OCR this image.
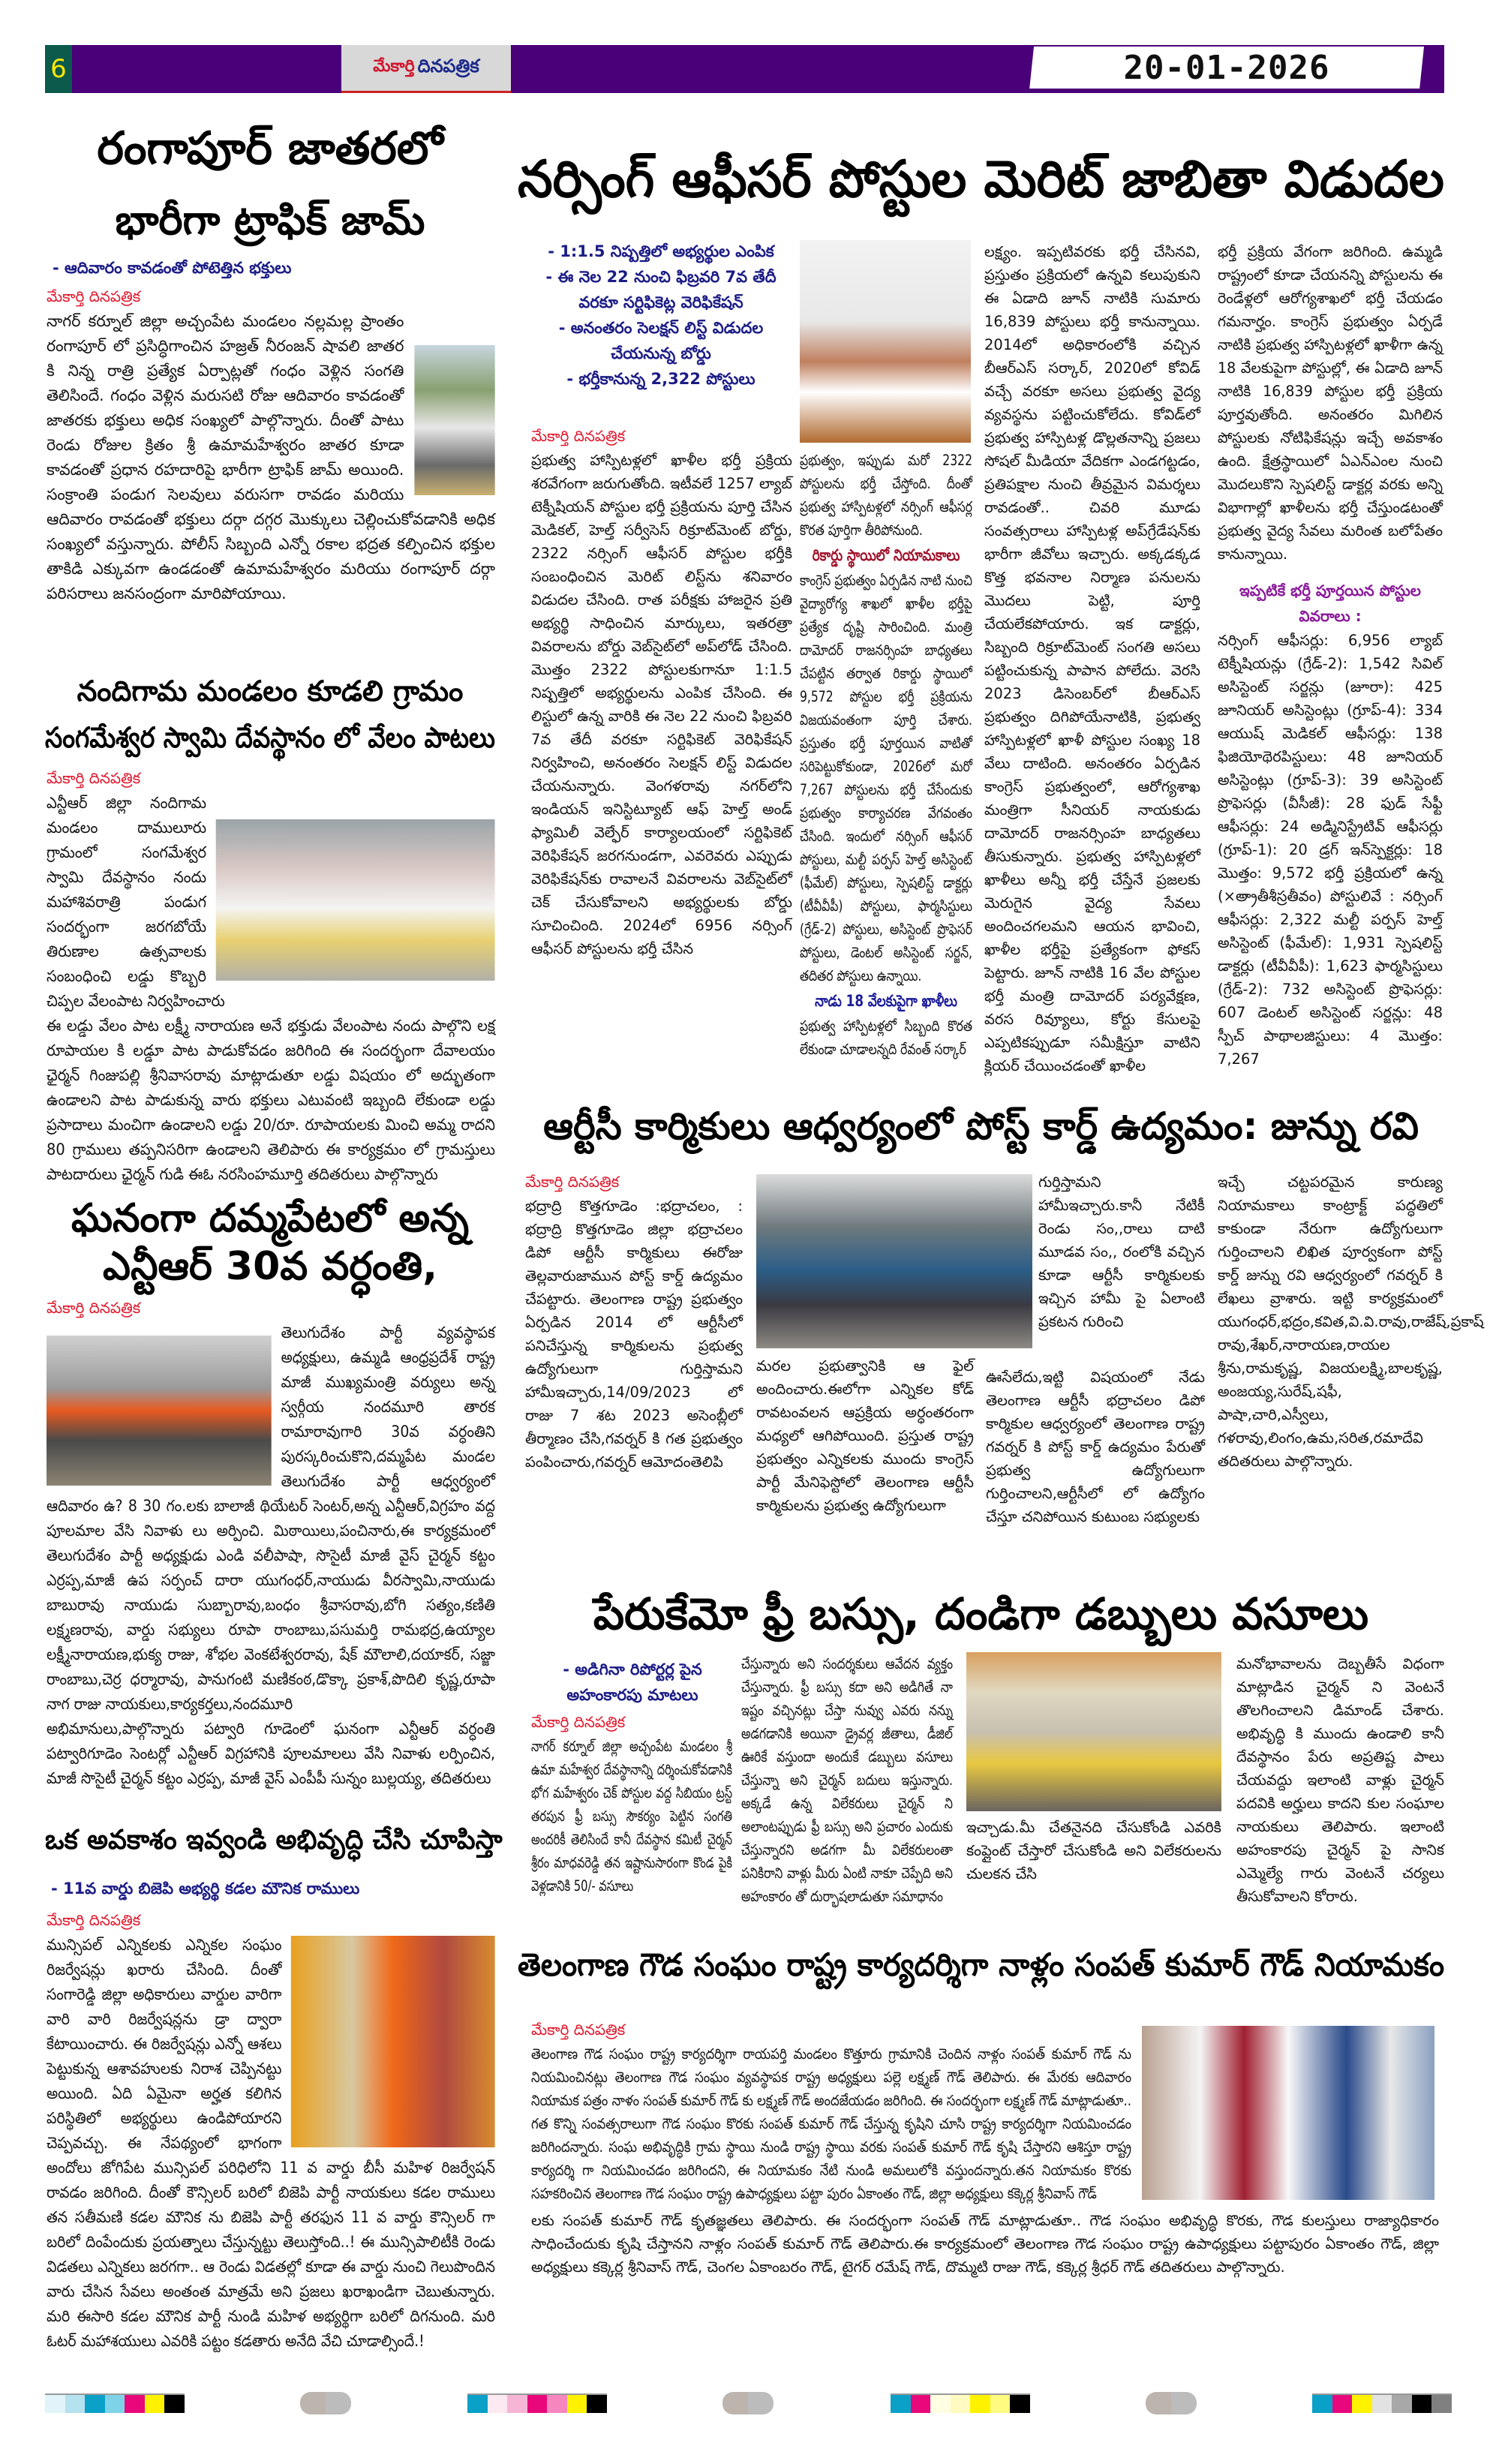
6	మేకార్తి దినపత్రిక	20-01-2026
రంగాపూర్ జాతరలో
భారీగా ట్రాఫిక్ జామ్
- ఆదివారం కావడంతో పోటెత్తిన భక్తులు
మేకార్తి దినపత్రిక

నాగర్ కర్నూల్ జిల్లా అచ్చంపేట మండలం నల్లమల్ల ప్రాంతం రంగాపూర్ లో ప్రసిద్ధిగాంచిన హజ్రత్ నీరంజన్ షావలి జాతర కి నిన్న రాత్రి ప్రత్యేక ఏర్పాట్లతో గంధం వెళ్లిన సంగతి తెలిసిందే. గంధం వెళ్లిన మరుసటి రోజు ఆదివారం కావడంతో జాతరకు భక్తులు అధిక సంఖ్యలో పాల్గొన్నారు. దీంతో పాటు రెండు రోజుల క్రితం శ్రీ ఉమామహేశ్వరం జాతర కూడా కావడంతో ప్రధాన రహదారిపై భారీగా ట్రాఫిక్ జామ్ అయింది. సంక్రాంతి పండుగ సెలవులు వరుసగా రావడం మరియు ఆదివారం రావడంతో భక్తులు దర్గా దగ్గర మొక్కులు చెల్లించుకోవడానికి అధిక సంఖ్యలో వస్తున్నారు. పోలీస్ సిబ్బంది ఎన్నో రకాల భద్రత కల్పించిన భక్తుల తాకిడి ఎక్కువగా ఉండడంతో ఉమామహేశ్వరం మరియు రంగాపూర్ దర్గా పరిసరాలు జనసంద్రంగా మారిపోయాయి.

నందిగామ మండలం కూడలి గ్రామం
సంగమేశ్వర స్వామి దేవస్థానం లో వేలం పాటలు
మేకార్తి దినపత్రిక

ఎన్టీఆర్ జిల్లా నందిగామ మండలం దాములూరు గ్రామంలో సంగమేశ్వర స్వామి దేవస్థానం నందు మహాశివరాత్రి పండుగ సందర్భంగా జరగబోయే తిరుణాల ఉత్సవాలకు సంబంధించి లడ్డు కొబ్బరి చిప్పల వేలంపాట నిర్వహించారు

ఈ లడ్డు వేలం పాట లక్ష్మీ నారాయణ అనే భక్తుడు వేలంపాట నందు పాల్గొని లక్ష రూపాయల కి లడ్డూ పాట పాడుకోవడం జరిగింది ఈ సందర్భంగా దేవాలయం ఛైర్మన్ గింజుపల్లి శ్రీనివాసరావు మాట్లాడుతూ లడ్డు విషయం లో అద్భుతంగా ఉండాలని పాట పాడుకున్న వారు భక్తులు ఎటువంటి ఇబ్బంది లేకుండా లడ్డు ప్రసాదాలు మంచిగా ఉండాలని లడ్డు 20/రూ. రూపాయలకు మించి అమ్మ రాదని 80 గ్రాములు తప్పనిసరిగా ఉండాలని తెలిపారు ఈ కార్యక్రమం లో గ్రామస్తులు పాటదారులు ఛైర్మన్ గుడి ఈఓ నరసింహమూర్తి తదితరులు పాల్గొన్నారు

ఘనంగా దమ్మపేటలో అన్న
ఎన్టీఆర్ 30వ వర్ధంతి,
మేకార్తి దినపత్రిక

తెలుగుదేశం పార్టీ వ్యవస్థాపక అధ్యక్షులు, ఉమ్మడి ఆంధ్రప్రదేశ్ రాష్ట్ర మాజీ ముఖ్యమంత్రి వర్యులు అన్న స్వర్గీయ నందమూరి తారక రామారావుగారి 30వ వర్ధంతిని పురస్కరించుకొని,దమ్మపేట మండల తెలుగుదేశం పార్టీ ఆధ్వర్యంలో ఆదివారం ఉ? 8 30 గం.లకు బాలాజీ థియేటర్ సెంటర్,అన్న ఎన్టీఆర్,విగ్రహం వద్ద పూలమాల వేసి నివాళు లు అర్పించి. మిఠాయిలు,పంచినారు,ఈ కార్యక్రమంలో తెలుగుదేశం పార్టీ అధ్యక్షుడు ఎండి వలీపాషా, సొసైటీ మాజీ వైస్ చైర్మన్ కట్టం ఎర్రప్ప,మాజీ ఉప సర్పంచ్ దారా యుగంధర్,నాయుడు వీరస్వామి,నాయుడు బాబురావు నాయుడు సుబ్బారావు,బంధం శ్రీవాసరావు,బోగి సత్యం,కణితి లక్ష్మణరావు, వార్డు సభ్యులు రూపా రాంబాబు,పసుమర్తి రామభద్ర,ఉయ్యాల లక్ష్మీనారాయణ,భుక్య రాజు, శోభల వెంకటేశ్వరరావు, షేక్ మౌలాలి,దయాకర్, సజ్జా రాంబాబు,చెర్ర ధర్మారావు, పానుగంటి మణికంఠ,డొక్కా ప్రకాశ్,పొదిలి కృష్ణ,రూపా నాగ రాజు నాయకులు,కార్యకర్తలు,నందమూరి

అభిమానులు,పాల్గొన్నారు పట్వారి గూడెంలో ఘనంగా ఎన్టీఆర్ వర్ధంతి పట్వారిగూడెం సెంటర్లో ఎన్టీఆర్ విగ్రహానికి పూలమాలలు వేసి నివాళు లర్పించిన, మాజీ సొసైటీ చైర్మన్ కట్టం ఎర్రప్ప, మాజీ వైస్ ఎంపీపీ సున్నం బుల్లయ్య, తదితరులు

ఒక అవకాశం ఇవ్వండి అభివృద్ధి చేసి చూపిస్తా
- 11వ వార్డు బిజెపి అభ్యర్థి కడల మౌనిక రాములు
మేకార్తి దినపత్రిక

మున్సిపల్ ఎన్నికలకు ఎన్నికల సంఘం రిజర్వేషన్లు ఖరారు చేసింది. దీంతో సంగారెడ్డి జిల్లా అధికారులు వార్డుల వారిగా వారి వారి రిజర్వేషన్లను డ్రా ద్వారా కేటాయించారు. ఈ రిజర్వేషన్లు ఎన్నో ఆశలు పెట్టుకున్న ఆశావహులకు నిరాశ చెప్పినట్టు అయింది. ఏది ఏమైనా అర్హత కలిగిన పరిస్థితిలో అభ్యర్థులు ఉండిపోయారని చెప్పవచ్చు. ఈ నేపథ్యంలో భాగంగా అందోలు జోగిపేట మున్సిపల్ పరిధిలోని 11 వ వార్డు బీసీ మహిళ రిజర్వేషన్ రావడం జరిగింది. దీంతో కౌన్సిలర్ బరిలో బిజెపి పార్టీ నాయకులు కడల రాములు తన సతీమణి కడల మౌనిక ను బిజెపి పార్టీ తరఫున 11 వ వార్డు కౌన్సిలర్ గా బరిలో దింపేందుకు ప్రయత్నాలు చేస్తున్నట్టు తెలుస్తోంది..! ఈ మున్సిపాలిటీకి రెండు విడతలు ఎన్నికలు జరగగా.. ఆ రెండు విడతల్లో కూడా ఈ వార్డు నుంచి గెలుపొందిన వారు చేసిన సేవలు అంతంత మాత్రమే అని ప్రజలు ఖరాఖండిగా చెబుతున్నారు. మరి ఈసారి కడల మౌనిక పార్టీ నుండి మహిళ అభ్యర్థిగా బరిలో దిగనుంది. మరి ఓటర్ మహాశయులు ఎవరికి పట్టం కడతారు అనేది వేచి చూడాల్సిందే.!

నర్సింగ్ ఆఫీసర్ పోస్టుల మెరిట్ జాబితా విడుదల
- 1:1.5 నిష్పత్తిలో అభ్యర్థుల ఎంపిక
- ఈ నెల 22 నుంచి ఫిబ్రవరి 7వ తేదీ వరకూ సర్టిఫికెట్ల వెరిఫికేషన్
- అనంతరం సెలక్షన్ లిస్ట్ విడుదల చేయనున్న బోర్డు
- భర్తీకానున్న 2,322 పోస్టులు
మేకార్తి దినపత్రిక

ప్రభుత్వ హాస్పిటళ్లలో ఖాళీల భర్తీ ప్రక్రియ శరవేగంగా జరుగుతోంది. ఇటీవలే 1257 ల్యాబ్ టెక్నీషియన్ పోస్టుల భర్తీ ప్రక్రియను పూర్తి చేసిన మెడికల్, హెల్త్ సర్వీసెస్ రిక్రూట్‌మెంట్ బోర్డు, 2322 నర్సింగ్ ఆఫీసర్ పోస్టుల భర్తీకి సంబంధించిన మెరిట్ లిస్ట్‌ను శనివారం విడుదల చేసింది. రాత పరీక్షకు హాజరైన ప్రతి అభ్యర్థి సాధించిన మార్కులు, ఇతరత్రా వివరాలను బోర్డు వెబ్‌సైట్‌లో అప్‌లోడ్ చేసింది. మొత్తం 2322 పోస్టులకుగానూ 1:1.5 నిష్పత్తిలో అభ్యర్థులను ఎంపిక చేసింది. ఈ లిస్టులో ఉన్న వారికి ఈ నెల 22 నుంచి ఫిబ్రవరి 7వ తేదీ వరకూ సర్టిఫికెట్ వెరిఫికేషన్ నిర్వహించి, అనంతరం సెలక్షన్ లిస్ట్ విడుదల చేయనున్నారు. వెంగళరావు నగర్‌లోని ఇండియన్ ఇనిస్టిట్యూట్ ఆఫ్ హెల్త్ అండ్ ఫ్యామిలీ వెల్ఫేర్ కార్యాలయంలో సర్టిఫికెట్ వెరిఫికేషన్ జరగనుండగా, ఎవరెవరు ఎప్పుడు వెరిఫికేషన్‌కు రావాలనే వివరాలను వెబ్‌సైట్‌లో చెక్ చేసుకోవాలని అభ్యర్థులకు బోర్డు సూచించింది. 2024లో 6956 నర్సింగ్ ఆఫీసర్ పోస్టులను భర్తీ చేసిన

ప్రభుత్వం, ఇప్పుడు మరో 2322 పోస్టులను భర్తీ చేస్తోంది. దీంతో ప్రభుత్వ హాస్పిటళ్లలో నర్సింగ్ ఆఫీసర్ల కొరత పూర్తిగా తీరిపోనుంది.

రికార్డు స్థాయిలో నియామకాలు

కాంగ్రెస్ ప్రభుత్వం ఏర్పడిన నాటి నుంచి వైద్యారోగ్య శాఖలో ఖాళీల భర్తీపై ప్రత్యేక దృష్టి సారించింది. మంత్రి దామోదర్ రాజనర్సింహ బాధ్యతలు చేపట్టిన తర్వాత రికార్డు స్థాయిలో 9,572 పోస్టుల భర్తీ ప్రక్రియను విజయవంతంగా పూర్తి చేశారు. ప్రస్తుతం భర్తీ పూర్తయిన వాటితో సరిపెట్టుకోకుండా, 2026లో మరో 7,267 పోస్టులను భర్తీ చేసేందుకు ప్రభుత్వం కార్యాచరణ వేగవంతం చేసింది. ఇందులో నర్సింగ్ ఆఫీసర్ పోస్టులు, మల్టీ పర్పస్ హెల్త్ అసిస్టెంట్ (ఫీమేల్) పోస్టులు, స్పెషలిస్ట్ డాక్టర్లు (టీవీవీపీ) పోస్టులు, ఫార్మసిస్టులు (గ్రేడ్-2) పోస్టులు, అసిస్టెంట్ ప్రొఫెసర్ పోస్టులు, డెంటల్ అసిస్టెంట్ సర్జన్, తదితర పోస్టులు ఉన్నాయి.

నాడు 18 వేలకుపైగా ఖాళీలు

ప్రభుత్వ హాస్పిటళ్లలో సిబ్బంది కొరత లేకుండా చూడాలన్నది రేవంత్ సర్కార్

లక్ష్యం. ఇప్పటివరకు భర్తీ చేసినవి, ప్రస్తుతం ప్రక్రియలో ఉన్నవి కలుపుకుని ఈ ఏడాది జూన్ నాటికి సుమారు 16,839 పోస్టులు భర్తీ కానున్నాయి. 2014లో అధికారంలోకి వచ్చిన బీఆర్ఎస్ సర్కార్, 2020లో కోవిడ్ వచ్చే వరకూ అసలు ప్రభుత్వ వైద్య వ్యవస్థను పట్టించుకోలేదు. కోవిడ్‌లో ప్రభుత్వ హాస్పిటళ్ల డొల్లతనాన్ని ప్రజలు సోషల్ మీడియా వేదికగా ఎండగట్టడం, ప్రతిపక్షాల నుంచి తీవ్రమైన విమర్శలు రావడంతో.. చివరి మూడు సంవత్సరాలు హాస్పిటళ్ల అప్‌గ్రేడేషన్‌కు భారీగా జీవోలు ఇచ్చారు. అక్కడక్కడ కొత్త భవనాల నిర్మాణ పనులను మొదలు పెట్టి, పూర్తి చేయలేకపోయారు. ఇక డాక్టర్లు, సిబ్బంది రిక్రూట్‌మెంట్ సంగతి అసలు పట్టించుకున్న పాపాన పోలేదు. వెరసి 2023 డిసెంబర్‌లో బీఆర్ఎస్ ప్రభుత్వం దిగిపోయేనాటికి, ప్రభుత్వ హాస్పిటళ్లలో ఖాళీ పోస్టుల సంఖ్య 18 వేలు దాటింది. అనంతరం ఏర్పడిన కాంగ్రెస్ ప్రభుత్వంలో, ఆరోగ్యశాఖ మంత్రిగా సీనియర్ నాయకుడు దామోదర్ రాజనర్సింహ బాధ్యతలు తీసుకున్నారు. ప్రభుత్వ హాస్పిటళ్లలో ఖాళీలు అన్నీ భర్తీ చేస్తేనే ప్రజలకు మెరుగైన వైద్య సేవలు అందించగలమని ఆయన భావించి, ఖాళీల భర్తీపై ప్రత్యేకంగా ఫోకస్ పెట్టారు. జూన్ నాటికి 16 వేల పోస్టుల భర్తీ మంత్రి దామోదర్ పర్యవేక్షణ, వరస రివ్యూలు, కోర్టు కేసులపై ఎప్పటికప్పుడూ సమీక్షిస్తూ వాటిని క్లియర్ చేయించడంతో ఖాళీల

భర్తీ ప్రక్రియ వేగంగా జరిగింది. ఉమ్మడి రాష్ట్రంలో కూడా చేయనన్ని పోస్టులను ఈ రెండేళ్లలో ఆరోగ్యశాఖలో భర్తీ చేయడం గమనార్హం. కాంగ్రెస్ ప్రభుత్వం ఏర్పడే నాటికి ప్రభుత్వ హాస్పిటళ్లలో ఖాళీగా ఉన్న 18 వేలకుపైగా పోస్టుల్లో, ఈ ఏడాది జూన్ నాటికి 16,839 పోస్టుల భర్తీ ప్రక్రియ పూర్తవుతోంది. అనంతరం మిగిలిన పోస్టులకు నోటిఫికేషన్లు ఇచ్చే అవకాశం ఉంది. క్షేత్రస్థాయిలో ఏఎన్ఎంల నుంచి మొదలుకొని స్పెషలిస్ట్ డాక్టర్ల వరకు అన్ని విభాగాల్లో ఖాళీలను భర్తీ చేస్తుండటంతో ప్రభుత్వ వైద్య సేవలు మరింత బలోపేతం కానున్నాయి.

ఇప్పటికే భర్తీ పూర్తయిన పోస్టుల
వివరాలు :

నర్సింగ్ ఆఫీసర్లు: 6,956 ల్యాబ్ టెక్నీషియన్లు (గ్రేడ్-2): 1,542 సివిల్ అసిస్టెంట్ సర్జన్లు (జూరా): 425 జూనియర్ అసిస్టెంట్లు (గ్రూప్-4): 334 ఆయుష్ మెడికల్ ఆఫీసర్లు: 138 ఫిజియోథెరపిస్టులు: 48 జూనియర్ అసిస్టెంట్లు (గ్రూప్-3): 39 అసిస్టెంట్ ప్రొఫెసర్లు (వీసీజీ): 28 ఫుడ్ సేఫ్టీ ఆఫీసర్లు: 24 అడ్మినిస్ట్రేటివ్ ఆఫీసర్లు (గ్రూప్-1): 20 డ్రగ్ ఇన్‌స్పెక్టర్లు: 18 మొత్తం: 9,572 భర్తీ ప్రక్రియలో ఉన్న (×అ్రాతీశీస్రతీవం) పోస్టులివే : నర్సింగ్ ఆఫీసర్లు: 2,322 మల్టీ పర్పస్ హెల్త్ అసిస్టెంట్ (ఫీమేల్): 1,931 స్పెషలిస్ట్ డాక్టర్లు (టీవీవీపీ): 1,623 ఫార్మసిస్టులు (గ్రేడ్-2): 732 అసిస్టెంట్ ప్రొఫెసర్లు: 607 డెంటల్ అసిస్టెంట్ సర్జన్లు: 48 స్పీచ్ పాథాలజిస్టులు: 4 మొత్తం: 7,267

ఆర్టీసీ కార్మికులు ఆధ్వర్యంలో పోస్ట్ కార్డ్ ఉద్యమం: జున్ను రవి
మేకార్తి దినపత్రిక

భద్రాద్రి కొత్తగూడెం :భద్రాచలం, : భద్రాద్రి కొత్తగూడెం జిల్లా భద్రాచలం డిపో ఆర్టీసీ కార్మికులు ఈరోజు తెల్లవారుజామున పోస్ట్ కార్డ్ ఉద్యమం చేపట్టారు. తెలంగాణ రాష్ట్ర ప్రభుత్వం ఏర్పడిన 2014 లో ఆర్టీసీలో పనిచేస్తున్న కార్మికులను ప్రభుత్వ ఉద్యోగులుగా గుర్తిస్తామని హామీఇచ్చారు,14/09/2023 లో రాజు 7 శట 2023 అసెంబ్లీలో తీర్మాణం చేసి,గవర్నర్ కి గత ప్రభుత్వం పంపించారు,గవర్నర్ ఆమోదంతెలిపి

మరల ప్రభుత్వానికి ఆ ఫైల్ అందించారు.ఈలోగా ఎన్నికల కోడ్ రావటంవలన ఆప్రక్రియ అర్ధంతరంగా మధ్యలో ఆగిపోయింది. ప్రస్తుత రాష్ట్ర ప్రభుత్వం ఎన్నికలకు ముందు కాంగ్రెస్ పార్టీ మేనిఫెస్టోలో తెలంగాణ ఆర్టీసీ కార్మికులను ప్రభుత్వ ఉద్యోగులుగా

గుర్తిస్తామని హామీఇచ్చారు.కానీ నేటికీ రెండు సం,,రాలు దాటి మూడవ సం,, రంలోకి వచ్చిన కూడా ఆర్టీసీ కార్మికులకు ఇచ్చిన హామీ పై ఏలాంటి ప్రకటన గురించి

ఊసేలేదు,ఇట్టి విషయంలో నేడు తెలంగాణ ఆర్టీసీ భద్రాచలం డిపో కార్మికుల ఆధ్వర్యంలో తెలంగాణ రాష్ట్ర గవర్నర్ కి పోస్ట్ కార్డ్ ఉద్యమం పేరుతో ప్రభుత్వ ఉద్యోగులుగా గుర్తించాలని,ఆర్టీసీలో లో ఉద్యోగం చేస్తూ చనిపోయిన కుటుంబ సభ్యులకు

ఇచ్చే చట్టపరమైన కారుణ్య నియామకాలు కాంట్రాక్ట్ పద్ధతిలో కాకుండా నేరుగా ఉద్యోగులుగా గుర్తించాలని లిఖిత పూర్వకంగా పోస్ట్ కార్డ్ జున్ను రవి ఆధ్వర్యంలో గవర్నర్ కి లేఖలు వ్రాశారు. ఇట్టి కార్యక్రమంలో యుగంధర్,భద్రం,కవిత,వి.వి.రావు,రాజేష్,ప్రకాష్ రావు,శేఖర్,నారాయణ,రాయల శ్రీను,రామకృష్ణ, విజయలక్ష్మి,బాలకృష్ణ, అంజయ్య,సురేష్,షఫీ, పాషా,చారి,ఎస్వీలు, గళరావు,లింగం,ఉమ,సరిత,రమాదేవి తదితరులు పాల్గొన్నారు.

పేరుకేమో ఫ్రీ బస్సు, దండిగా డబ్బులు వసూలు
- అడిగినా రిపోర్టర్ల పైన
అహంకారపు మాటలు
మేకార్తి దినపత్రిక

నాగర్ కర్నూల్ జిల్లా అచ్చంపేట మండలం శ్రీ ఉమా మహేశ్వర దేవస్థానాన్ని దర్శించుకోవడానికి భోగ మహేశ్వరం చెక్ పోస్టుల వద్ద సిబియం ట్రస్ట్ తరపున ఫ్రీ బస్సు సౌకర్యం పెట్టిన సంగతి అందరికీ తెలిసిందే కానీ దేవస్థాన కమిటీ చైర్మన్ శ్రీరం మాధవరెడ్డి తన ఇష్టానుసారంగా కొండ పైకి వెళ్లడానికి 50/- వసూలు

చేస్తున్నారు అని సందర్శకులు ఆవేదన వ్యక్తం చేస్తున్నారు. ఫ్రీ బస్సు కదా అని అడిగితే నా ఇష్టం వచ్చినట్లు చేస్తా నువ్వు ఎవరు నన్ను అడగడానికి అయినా డ్రైవర్ల జీతాలు, డీజిల్ ఊరికే వస్తుందా అందుకే డబ్బులు వసూలు చేస్తున్నా అని చైర్మన్ బదులు ఇస్తున్నారు. అక్కడే ఉన్న విలేకరులు చైర్మన్ ని అలాంటప్పుడు ఫ్రీ బస్సు అని ప్రచారం ఎందుకు చేస్తున్నారని అడగగా మీ విలేకరులంతా పనికిరాని వాళ్లు మీరు ఏంటి నాకూ చెప్పేది అని అహంకారం తో దుర్భాషలాడుతూ సమాధానం

ఇచ్చాడు.మీ చేతనైనది చేసుకోండి ఎవరికి కంప్లైంట్ చేస్తారో చేసుకోండి అని విలేకరులను చులకన చేసి

మనోభావాలను దెబ్బతీసే విధంగా మాట్లాడిన చైర్మన్ ని వెంటనే తొలగించాలని డిమాండ్ చేశారు. అభివృద్ధి కి ముందు ఉండాలి కానీ దేవస్థానం పేరు అప్రతిష్ట పాలు చేయవద్దు ఇలాంటి వాళ్లు చైర్మన్ పదవికి అర్హులు కాదని కుల సంఘాల నాయకులు తెలిపారు. ఇలాంటి అహంకారపు చైర్మన్ పై సానిక ఎమ్మెల్యే గారు వెంటనే చర్యలు తీసుకోవాలని కోరారు.

తెలంగాణ గౌడ సంఘం రాష్ట్ర కార్యదర్శిగా నాళ్లం సంపత్ కుమార్ గౌడ్ నియామకం
మేకార్తి దినపత్రిక

తెలంగాణ గౌడ సంఘం రాష్ట్ర కార్యదర్శిగా రాయపర్తి మండలం కొత్తూరు గ్రామానికి చెందిన నాళ్లం సంపత్ కుమార్ గౌడ్ ను నియమించినట్లు తెలంగాణ గౌడ సంఘం వ్యవస్థాపక రాష్ట్ర అధ్యక్షులు పల్లె లక్ష్మణ్ గౌడ్ తెలిపారు. ఈ మేరకు ఆదివారం నియామక పత్రం నాళం సంపత్ కుమార్ గౌడ్ కు లక్ష్మణ్ గౌడ్ అందజేయడం జరిగింది. ఈ సందర్భంగా లక్ష్మణ్ గౌడ్ మాట్లాడుతూ.. గత కొన్ని సంవత్సరాలుగా గౌడ సంఘం కొరకు సంపత్ కుమార్ గౌడ్ చేస్తున్న కృషిని చూసి రాష్ట్ర కార్యదర్శిగా నియమించడం జరిగిందన్నారు. సంఘ అభివృద్ధికి గ్రామ స్థాయి నుండి రాష్ట్ర స్థాయి వరకు సంపత్ కుమార్ గౌడ్ కృషి చేస్తారని ఆశిస్తూ రాష్ట్ర కార్యదర్శి గా నియమించడం జరిగిందని, ఈ నియామకం నేటి నుండి అమలులోకి వస్తుందన్నారు.తన నియామకం కొరకు సహకరించిన తెలంగాణ గౌడ సంఘం రాష్ట్ర ఉపాధ్యక్షులు పట్టా పురం ఏకాంతం గౌడ్, జిల్లా అధ్యక్షులు కక్కెర్ల శ్రీనివాస్ గౌడ్

లకు సంపత్ కుమార్ గౌడ్ కృతజ్ఞతలు తెలిపారు. ఈ సందర్భంగా సంపత్ గౌడ్ మాట్లాడుతూ.. గౌడ సంఘం అభివృద్ధి కొరకు, గౌడ కులస్తులు రాజ్యాధికారం సాధించేందుకు కృషి చేస్తానని నాళ్లం సంపత్ కుమార్ గౌడ్ తెలిపారు.ఈ కార్యక్రమంలో తెలంగాణ గౌడ సంఘం రాష్ట్ర ఉపాధ్యక్షులు పట్టాపురం ఏకాంతం గౌడ్, జిల్లా అధ్యక్షులు కక్కెర్ల శ్రీనివాస్ గౌడ్, చెంగల ఏకాంబరం గౌడ్, టైగర్ రమేష్ గౌడ్, దొమ్మటి రాజు గౌడ్, కక్కెర్ల శ్రీధర్ గౌడ్ తదితరులు పాల్గొన్నారు.
